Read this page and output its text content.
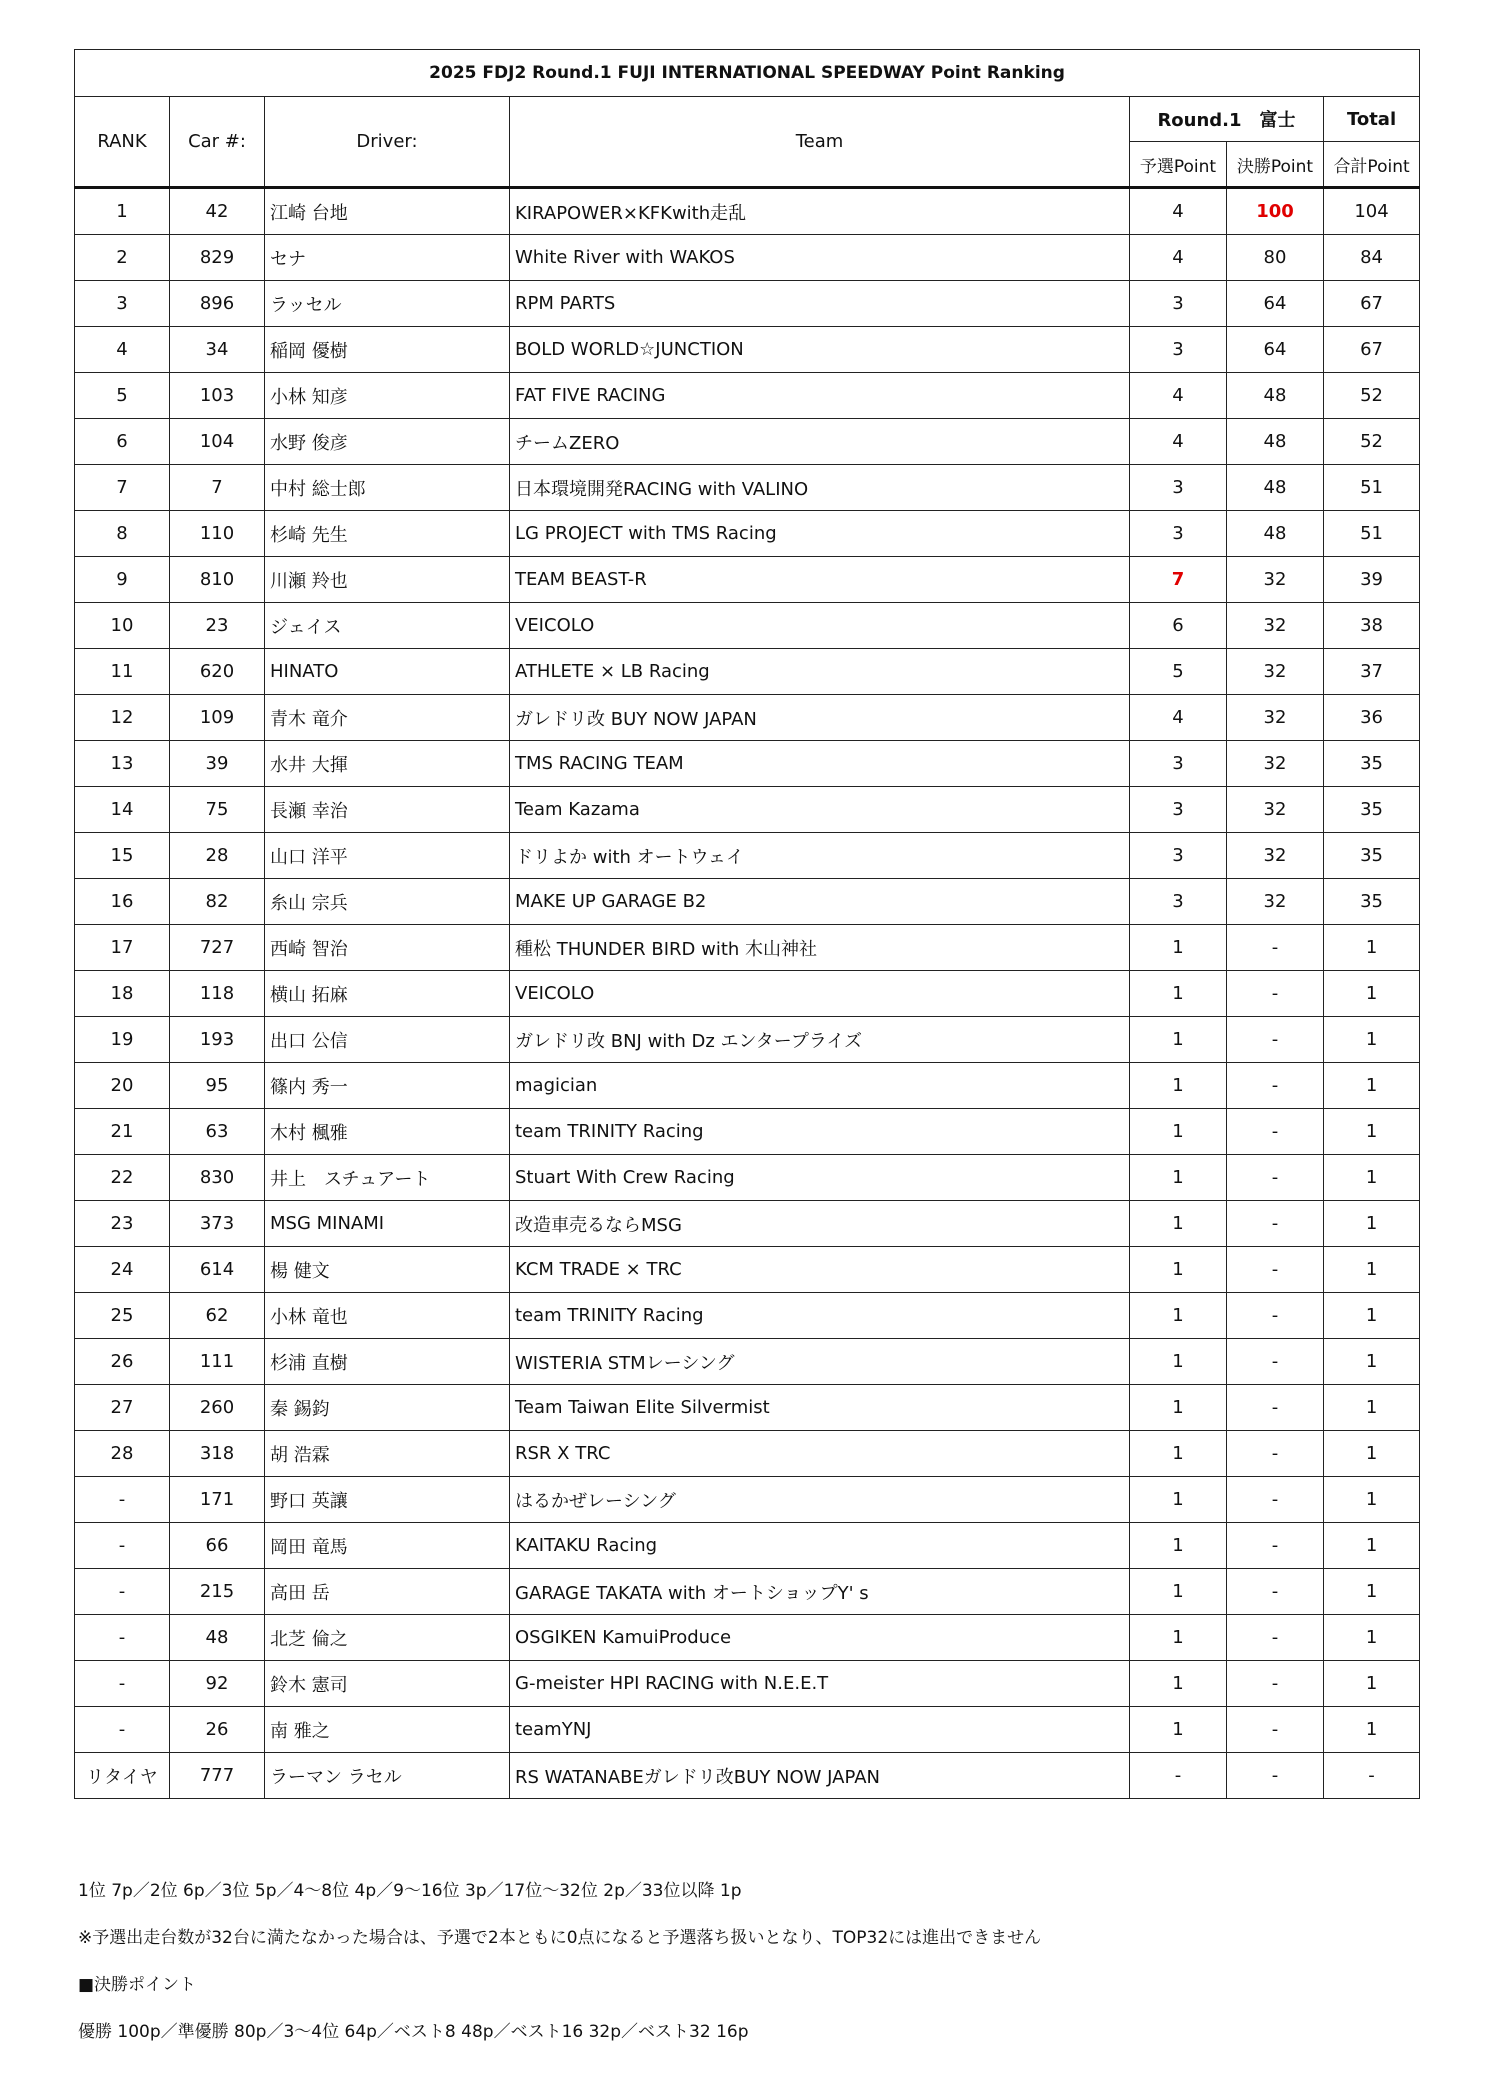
2025 FDJ2 Round.1 FUJI INTERNATIONAL SPEEDWAY Point Ranking						
RANK	Car #:	Driver:	Team	Round.1　富士		Total
				予選Point	決勝Point	合計Point
1	42	江崎 台地	KIRAPOWER×KFKwith走乱	4	100	104
2	829	セナ	White River with WAKOS	4	80	84
3	896	ラッセル	RPM PARTS	3	64	67
4	34	稲岡 優樹	BOLD WORLD☆JUNCTION	3	64	67
5	103	小林 知彦	FAT FIVE RACING	4	48	52
6	104	水野 俊彦	チームZERO	4	48	52
7	7	中村 総士郎	日本環境開発RACING with VALINO	3	48	51
8	110	杉崎 先生	LG PROJECT with TMS Racing	3	48	51
9	810	川瀬 羚也	TEAM BEAST-R	7	32	39
10	23	ジェイス	VEICOLO	6	32	38
11	620	HINATO	ATHLETE × LB Racing	5	32	37
12	109	青木 竜介	ガレドリ改 BUY NOW JAPAN	4	32	36
13	39	水井 大揮	TMS RACING TEAM	3	32	35
14	75	長瀬 幸治	Team Kazama	3	32	35
15	28	山口 洋平	ドリよか with オートウェイ	3	32	35
16	82	糸山 宗兵	MAKE UP GARAGE B2	3	32	35
17	727	西崎 智治	種松 THUNDER BIRD with 木山神社	1	-	1
18	118	横山 拓麻	VEICOLO	1	-	1
19	193	出口 公信	ガレドリ改 BNJ with Dz エンタープライズ	1	-	1
20	95	篠内 秀一	magician	1	-	1
21	63	木村 楓雅	team TRINITY Racing	1	-	1
22	830	井上　スチュアート	Stuart With Crew Racing	1	-	1
23	373	MSG MINAMI	改造車売るならMSG	1	-	1
24	614	楊 健文	KCM TRADE × TRC	1	-	1
25	62	小林 竜也	team TRINITY Racing	1	-	1
26	111	杉浦 直樹	WISTERIA STMレーシング	1	-	1
27	260	秦 錫鈞	Team Taiwan Elite Silvermist	1	-	1
28	318	胡 浩霖	RSR X TRC	1	-	1
-	171	野口 英讓	はるかぜレーシング	1	-	1
-	66	岡田 竜馬	KAITAKU Racing	1	-	1
-	215	高田 岳	GARAGE TAKATA with オートショップY' s	1	-	1
-	48	北芝 倫之	OSGIKEN KamuiProduce	1	-	1
-	92	鈴木 憲司	G-meister HPI RACING with N.E.E.T	1	-	1
-	26	南 雅之	teamYNJ	1	-	1
リタイヤ	777	ラーマン ラセル	RS WATANABEガレドリ改BUY NOW JAPAN	-	-	-

1位 7p／2位 6p／3位 5p／4～8位 4p／9～16位 3p／17位～32位 2p／33位以降 1p

※予選出走台数が32台に満たなかった場合は、予選で2本ともに0点になると予選落ち扱いとなり、TOP32には進出できません

■決勝ポイント

優勝 100p／準優勝 80p／3～4位 64p／ベスト8 48p／ベスト16 32p／ベスト32 16p
